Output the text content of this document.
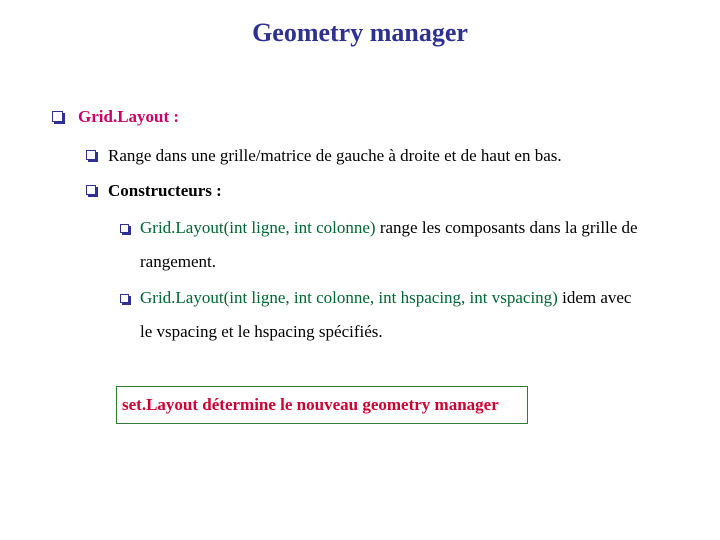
Geometry manager
Grid.Layout :
Range dans une grille/matrice de gauche à droite et de haut en bas.
Constructeurs :
Grid.Layout(int ligne, int colonne) range les composants dans la grille de
rangement.
Grid.Layout(int ligne, int colonne, int hspacing, int vspacing) idem avec
le vspacing et le hspacing spécifiés.
set.Layout détermine le nouveau geometry manager
